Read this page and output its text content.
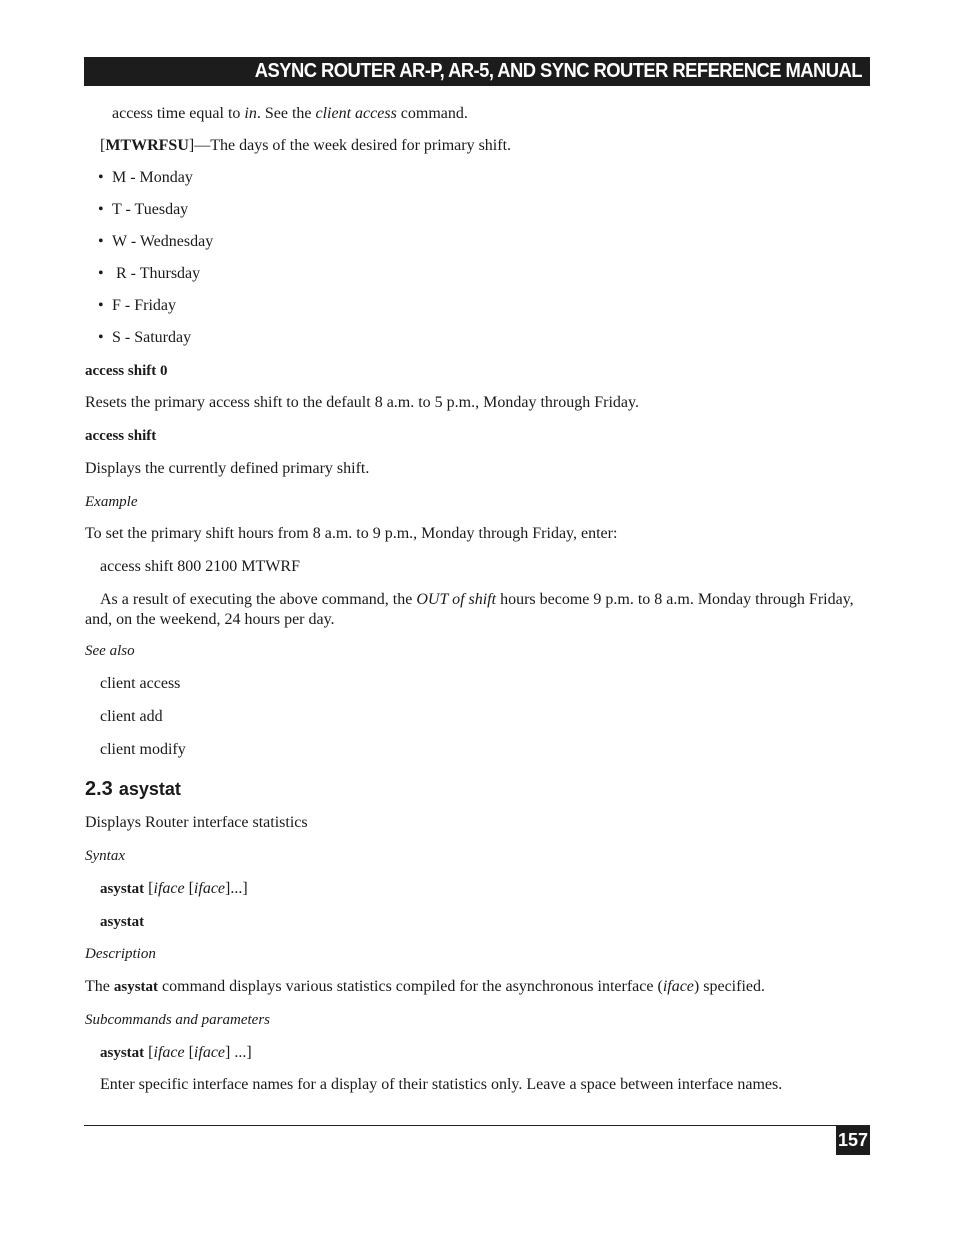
ASYNC ROUTER AR-P, AR-5, AND SYNC ROUTER REFERENCE MANUAL
access time equal to in. See the client access command.
[MTWRFSU]—The days of the week desired for primary shift.
• M - Monday
• T - Tuesday
• W - Wednesday
• R - Thursday
• F - Friday
• S - Saturday
access shift 0
Resets the primary access shift to the default 8 a.m. to 5 p.m., Monday through Friday.
access shift
Displays the currently defined primary shift.
Example
To set the primary shift hours from 8 a.m. to 9 p.m., Monday through Friday, enter:
access shift 800 2100 MTWRF
As a result of executing the above command, the OUT of shift hours become 9 p.m. to 8 a.m. Monday through Friday, and, on the weekend, 24 hours per day.
See also
client access
client add
client modify
2.3 asystat
Displays Router interface statistics
Syntax
asystat [iface [iface]...]
asystat
Description
The asystat command displays various statistics compiled for the asynchronous interface (iface) specified.
Subcommands and parameters
asystat [iface [iface] ...]
Enter specific interface names for a display of their statistics only. Leave a space between interface names.
157
